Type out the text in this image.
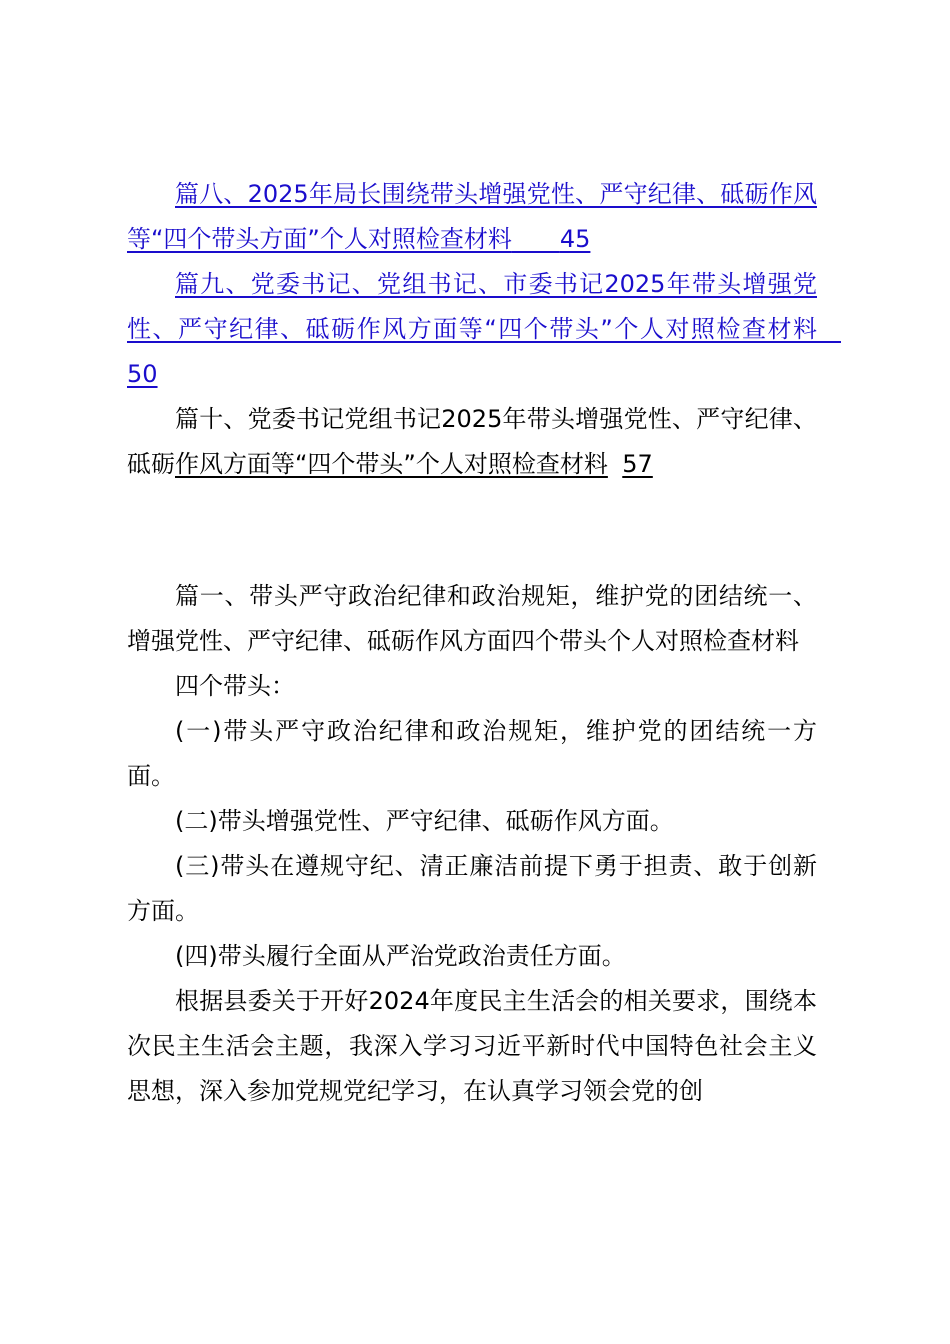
篇八、2025年局长围绕带头增强党性、严守纪律、砥砺作风等“四个带头方面”个人对照检查材料　　 45

篇九、党委书记、党组书记、市委书记2025年带头增强党性、严守纪律、砥砺作风方面等“四个带头”个人对照检查材料　50

篇十、党委书记党组书记2025年带头增强党性、严守纪律、砥砺作风方面等“四个带头”个人对照检查材料 57

篇一、带头严守政治纪律和政治规矩，维护党的团结统一、增强党性、严守纪律、砥砺作风方面四个带头个人对照检查材料

四个带头：

(一)带头严守政治纪律和政治规矩，维护党的团结统一方面。

(二)带头增强党性、严守纪律、砥砺作风方面。

(三)带头在遵规守纪、清正廉洁前提下勇于担责、敢于创新方面。

(四)带头履行全面从严治党政治责任方面。

根据县委关于开好2024年度民主生活会的相关要求，围绕本次民主生活会主题，我深入学习习近平新时代中国特色社会主义思想，深入参加党规党纪学习，在认真学习领会党的创
